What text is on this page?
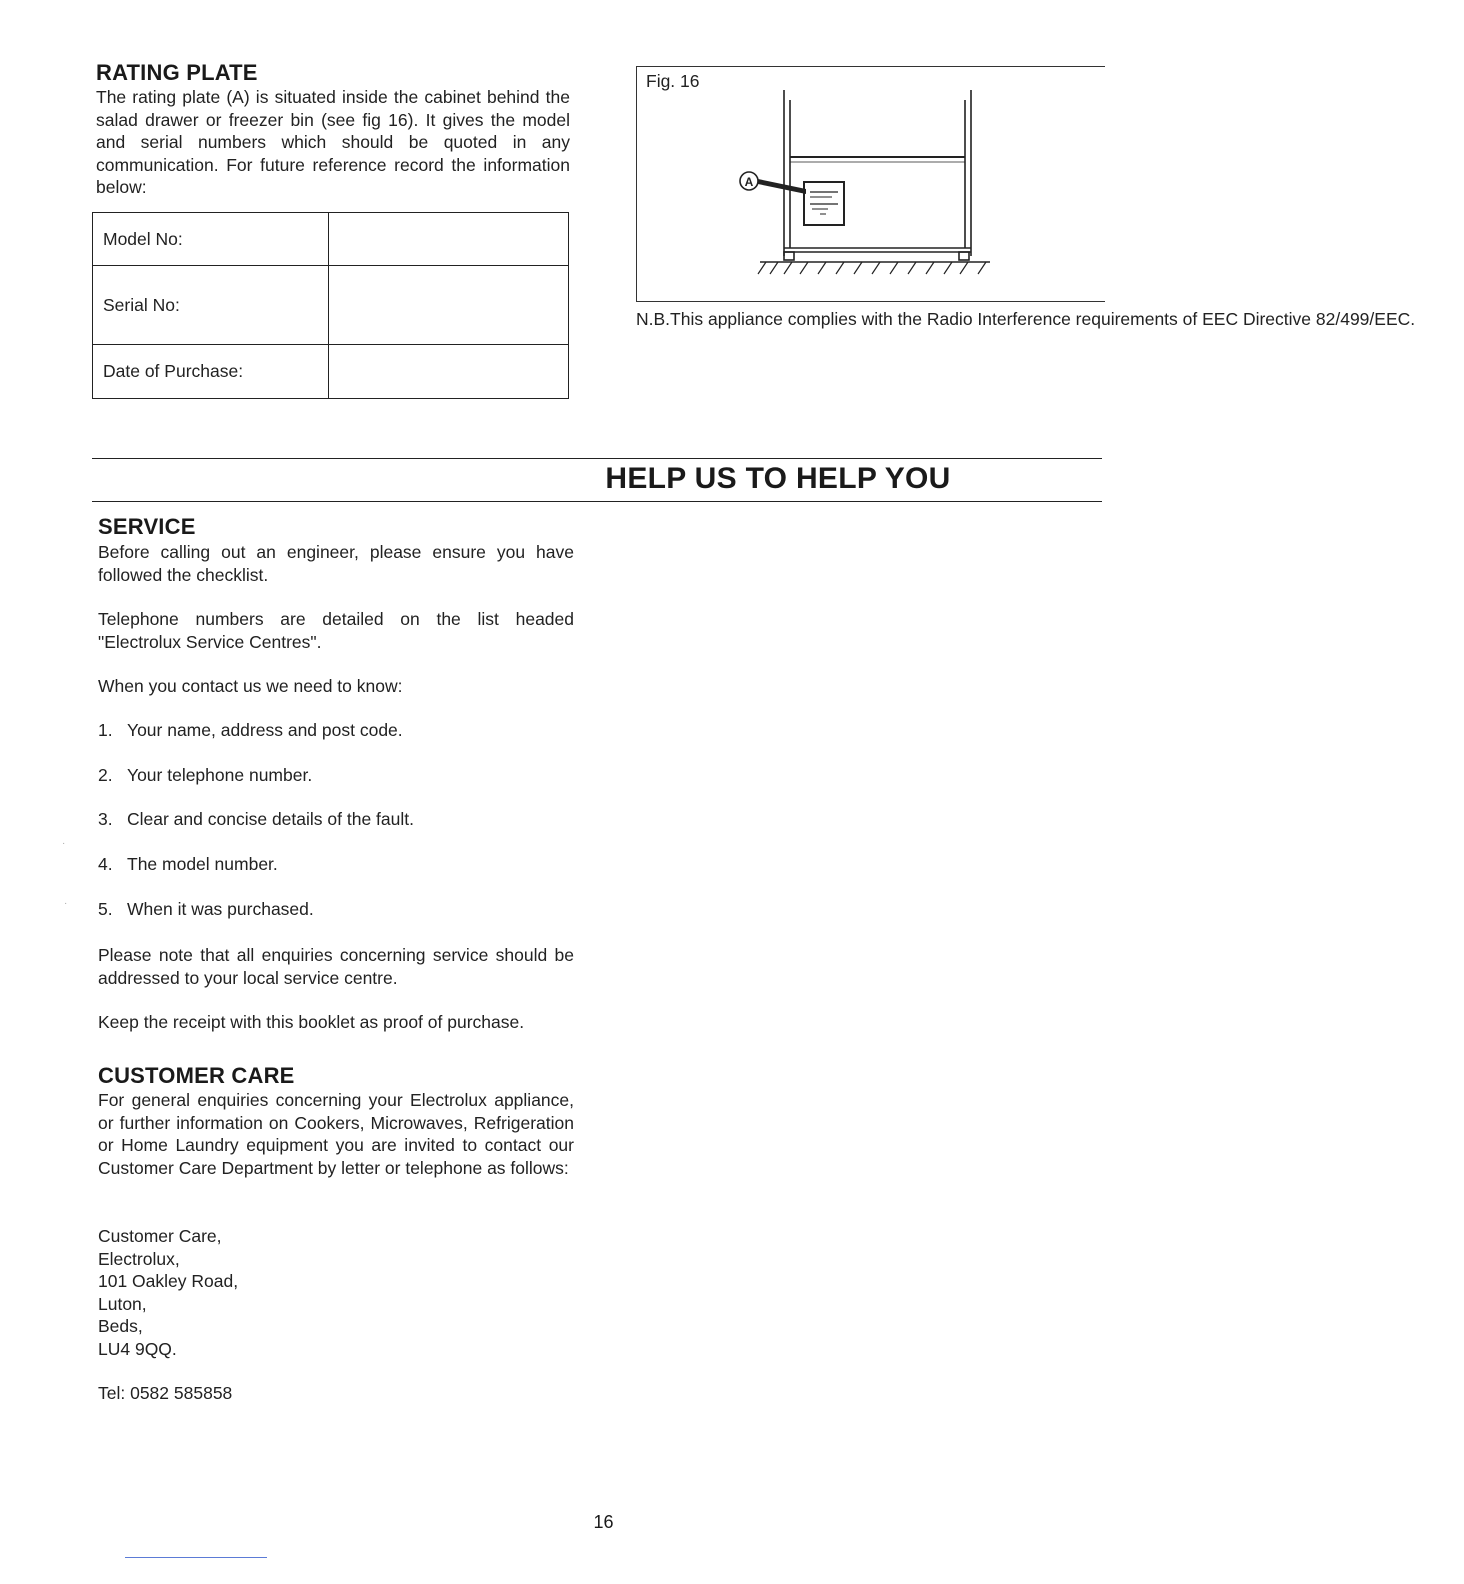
RATING PLATE
The rating plate (A) is situated inside the cabinet behind the salad drawer or freezer bin (see fig 16). It gives the model and serial numbers which should be quoted in any communication. For future reference record the information below:
Model No:	
Serial No:	
Date of Purchase:	
Fig. 16
A
N.B.This appliance complies with the Radio Interference requirements of EEC Directive 82/499/EEC.
HELP US TO HELP YOU
SERVICE
Before calling out an engineer, please ensure you have followed the checklist.
Telephone numbers are detailed on the list headed "Electrolux Service Centres".
When you contact us we need to know:
1. Your name, address and post code.
2. Your telephone number.
3. Clear and concise details of the fault.
4. The model number.
5. When it was purchased.
Please note that all enquiries concerning service should be addressed to your local service centre.
Keep the receipt with this booklet as proof of purchase.
CUSTOMER CARE
For general enquiries concerning your Electrolux appliance, or further information on Cookers, Microwaves, Refrigeration or Home Laundry equipment you are invited to contact our Customer Care Department by letter or telephone as follows:
Customer Care,
Electrolux,
101 Oakley Road,
Luton,
Beds,
LU4 9QQ.
Tel: 0582 585858
·
·
16
